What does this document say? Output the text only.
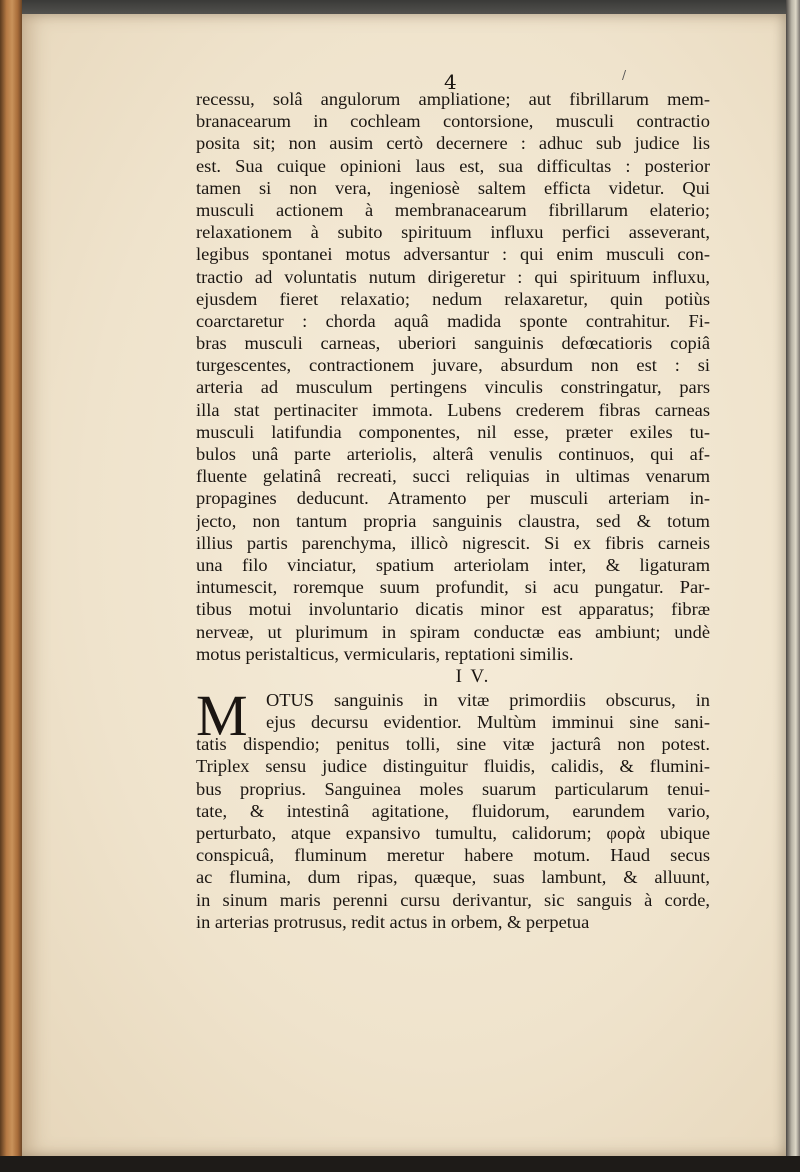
4	/
recessu, solâ angulorum ampliatione; aut fibrillarum mem-
branacearum in cochleam contorsione, musculi contractio
posita sit; non ausim certò decernere : adhuc sub judice lis
est. Sua cuique opinioni laus est, sua difficultas : posterior
tamen si non vera, ingeniosè saltem efficta videtur. Qui
musculi actionem à membranacearum fibrillarum elaterio;
relaxationem à subito spirituum influxu perfici asseverant,
legibus spontanei motus adversantur : qui enim musculi con-
tractio ad voluntatis nutum dirigeretur : qui spirituum influxu,
ejusdem fieret relaxatio; nedum relaxaretur, quin potiùs
coarctaretur : chorda aquâ madida sponte contrahitur. Fi-
bras musculi carneas, uberiori sanguinis defœcatioris copiâ
turgescentes, contractionem juvare, absurdum non est : si
arteria ad musculum pertingens vinculis constringatur, pars
illa stat pertinaciter immota. Lubens crederem fibras carneas
musculi latifundia componentes, nil esse, præter exiles tu-
bulos unâ parte arteriolis, alterâ venulis continuos, qui af-
fluente gelatinâ recreati, succi reliquias in ultimas venarum
propagines deducunt. Atramento per musculi arteriam in-
jecto, non tantum propria sanguinis claustra, sed & totum
illius partis parenchyma, illicò nigrescit. Si ex fibris carneis
una filo vinciatur, spatium arteriolam inter, & ligaturam
intumescit, roremque suum profundit, si acu pungatur. Par-
tibus motui involuntario dicatis minor est apparatus; fibræ
nerveæ, ut plurimum in spiram conductæ eas ambiunt; undè
motus peristalticus, vermicularis, reptationi similis.
I V.
M	OTUS sanguinis in vitæ primordiis obscurus, in
ejus decursu evidentior. Multùm imminui sine sani-
tatis dispendio; penitus tolli, sine vitæ jacturâ non potest.
Triplex sensu judice distinguitur fluidis, calidis, & flumini-
bus proprius. Sanguinea moles suarum particularum tenui-
tate, & intestinâ agitatione, fluidorum, earundem vario,
perturbato, atque expansivo tumultu, calidorum; φορὰ ubique
conspicuâ, fluminum meretur habere motum. Haud secus
ac flumina, dum ripas, quæque, suas lambunt, & alluunt,
in sinum maris perenni cursu derivantur, sic sanguis à corde,
in arterias protrusus, redit actus in orbem, & perpetua
